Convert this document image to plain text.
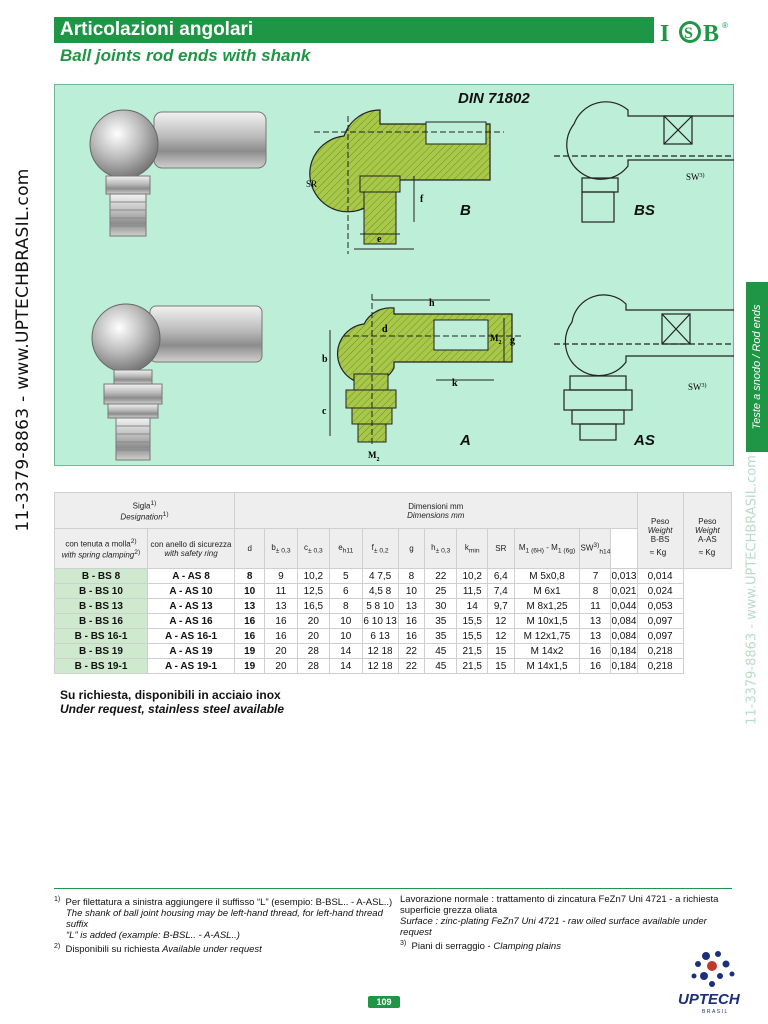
11-3379-8863 - www.UPTECHBRASIL.com
Articolazioni angolari
Ball joints rod ends with shank
I S B ®
SR
f
e
SW$^{3)}$
h
d
$M_2$ g
b
k
c
$M_2$
SW$^{3)}$
DIN 71802
B	BS
A	AS
Teste a snodo / Rod ends
11-3379-8863 - www.UPTECHBRASIL.com
Sigla$^{1)}$
Designation$^{1)}$		Dimensioni mm
Dimensions mm												Peso
Weight
B-BS	Peso
Weight
A-AS
con tenuta a molla$^{2)}$
with spring clamping$^{2)}$	con anello di sicurezza
with safety ring	d	$b_{\pm 0,3}$	$c_{\pm 0,3}$	$e_{h11}$	$f_{\pm 0,2}$	g	$h_{\pm 0,3}$	$k_{min}$	SR	$M_{1 (6H)} - M_{1 (6g)}$	$SW^{3)}_{h14}$
B - BS 8	A - AS 8	8	9	10,2	5	4 7,5	8	22	10,2	6,4	M 5x0,8	7	0,013	0,014	
B - BS 10	A - AS 10	10	11	12,5	6	4,5 8	10	25	11,5	7,4	M 6x1	8	0,021	0,024	
B - BS 13	A - AS 13	13	13	16,5	8	5 8 10	13	30	14	9,7	M 8x1,25	11	0,044	0,053	
B - BS 16	A - AS 16	16	16	20	10	6 10 13	16	35	15,5	12	M 10x1,5	13	0,084	0,097	
B - BS 16-1	A - AS 16-1	16	16	20	10	6 13	16	35	15,5	12	M 12x1,75	13	0,084	0,097	
B - BS 19	A - AS 19	19	20	28	14	12 18	22	45	21,5	15	M 14x2	16	0,184	0,218	
B - BS 19-1	A - AS 19-1	19	20	28	14	12 18	22	45	21,5	15	M 14x1,5	16	0,184	0,218	
≈ Kg	≈ Kg
Su richiesta, disponibili in acciaio inox
Under request, stainless steel available
$^{1)}$ Per filettatura a sinistra aggiungere il suffisso “L” (esempio: B-BSL.. - A-ASL..)
The shank of ball joint housing may be left-hand thread, for left-hand thread suffix
“L” is added (example: B-BSL.. - A-ASL..)
$^{2)}$ Disponibili su richiesta Available under request
Lavorazione normale : trattamento di zincatura FeZn7 Uni 4721 - a richiesta
superficie grezza oliata
Surface : zinc-plating FeZn7 Uni 4721 - raw oiled surface available under request
$^{3)}$ Piani di serraggio - Clamping plains
109	UPTECH
BRASIL
